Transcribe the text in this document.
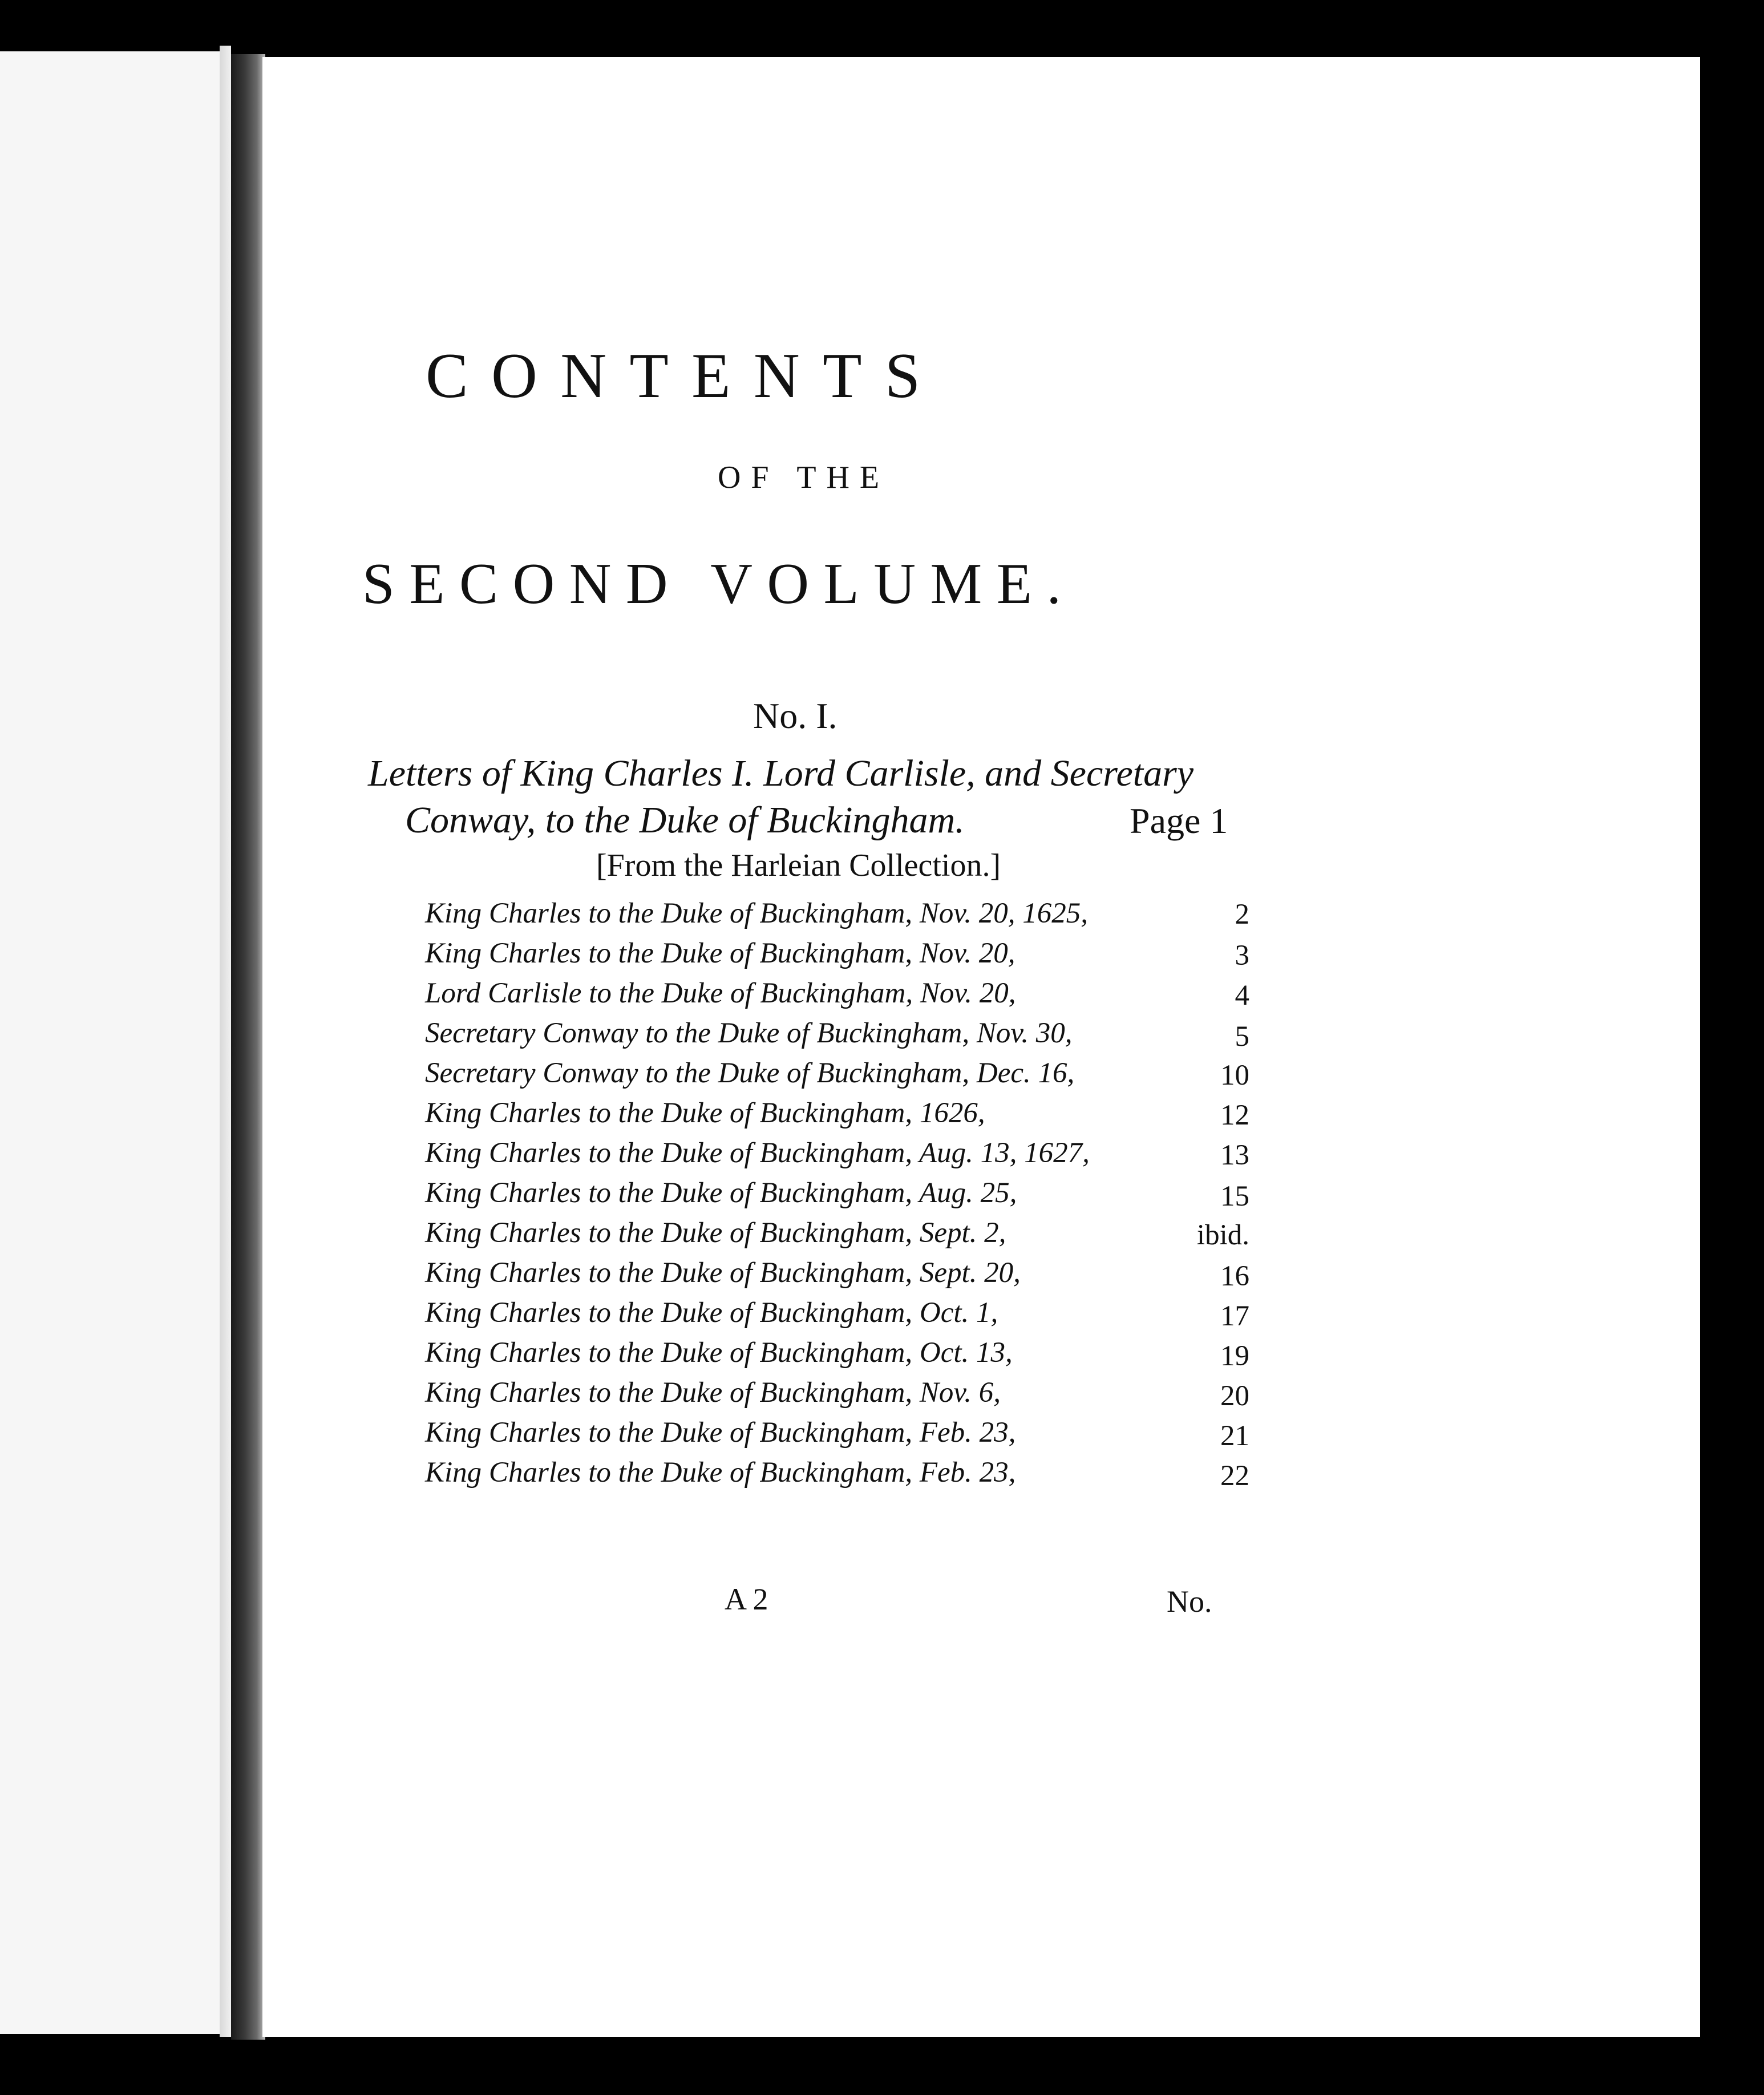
CONTENTS
OF THE
SECOND VOLUME.
No. I.
Letters of King Charles I. Lord Carlisle, and Secretary
Conway, to the Duke of Buckingham.	Page 1
[From the Harleian Collection.]
King Charles to the Duke of Buckingham, Nov. 20, 1625,	2
King Charles to the Duke of Buckingham, Nov. 20,	3
Lord Carlisle to the Duke of Buckingham, Nov. 20,	4
Secretary Conway to the Duke of Buckingham, Nov. 30,	5
Secretary Conway to the Duke of Buckingham, Dec. 16,	10
King Charles to the Duke of Buckingham, 1626,	12
King Charles to the Duke of Buckingham, Aug. 13, 1627,	13
King Charles to the Duke of Buckingham, Aug. 25,	15
King Charles to the Duke of Buckingham, Sept. 2,	ibid.
King Charles to the Duke of Buckingham, Sept. 20,	16
King Charles to the Duke of Buckingham, Oct. 1,	17
King Charles to the Duke of Buckingham, Oct. 13,	19
King Charles to the Duke of Buckingham, Nov. 6,	20
King Charles to the Duke of Buckingham, Feb. 23,	21
King Charles to the Duke of Buckingham, Feb. 23,	22
A 2	No.
